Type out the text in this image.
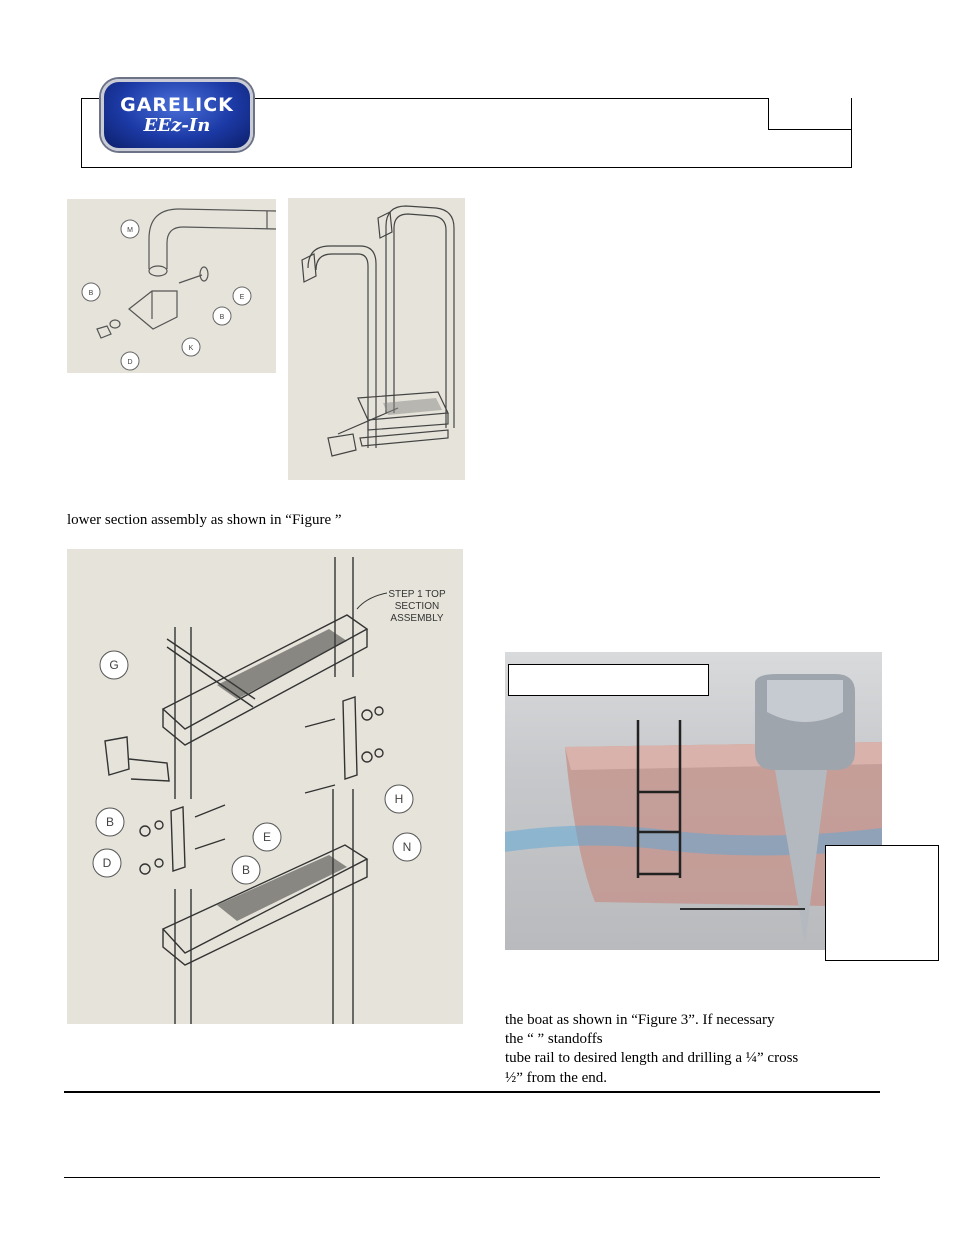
GARELICK
EEz-In
M
E
B
B
K
D
lower section assembly as shown in “Figure ”
G
H
B
E
D	B
N
STEP 1 TOP
SECTION
ASSEMBLY
the boat as shown in “Figure 3”. If necessary
the “ ” standoffs
tube rail to desired length and drilling a ¼” cross
½” from the end.
